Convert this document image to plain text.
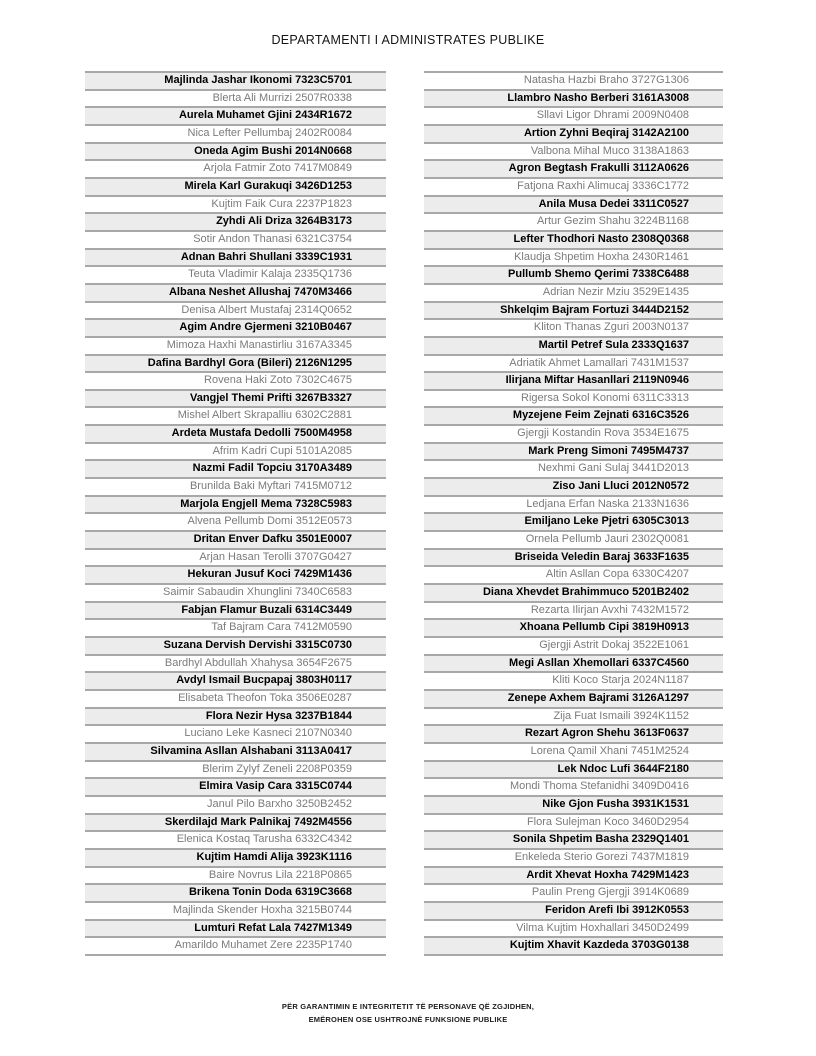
DEPARTAMENTI I ADMINISTRATES PUBLIKE
Majlinda Jashar Ikonomi 7323C5701
Blerta Ali Murrizi 2507R0338
Aurela Muhamet Gjini 2434R1672
Nica Lefter Pellumbaj 2402R0084
Oneda Agim Bushi 2014N0668
Arjola Fatmir Zoto 7417M0849
Mirela Karl Gurakuqi 3426D1253
Kujtim Faik Cura 2237P1823
Zyhdi Ali Driza 3264B3173
Sotir Andon Thanasi 6321C3754
Adnan Bahri Shullani 3339C1931
Teuta Vladimir Kalaja 2335Q1736
Albana Neshet Allushaj 7470M3466
Denisa Albert Mustafaj 2314Q0652
Agim Andre Gjermeni 3210B0467
Mimoza Haxhi Manastirliu 3167A3345
Dafina Bardhyl Gora (Bileri) 2126N1295
Rovena Haki Zoto 7302C4675
Vangjel Themi Prifti 3267B3327
Mishel Albert Skrapalliu 6302C2881
Ardeta Mustafa Dedolli 7500M4958
Afrim Kadri Cupi 5101A2085
Nazmi Fadil Topciu 3170A3489
Brunilda Baki Myftari 7415M0712
Marjola Engjell Mema 7328C5983
Alvena Pellumb Domi 3512E0573
Dritan Enver Dafku 3501E0007
Arjan Hasan Terolli 3707G0427
Hekuran Jusuf Koci 7429M1436
Saimir Sabaudin Xhunglini 7340C6583
Fabjan Flamur Buzali 6314C3449
Taf Bajram Cara 7412M0590
Suzana Dervish Dervishi 3315C0730
Bardhyl Abdullah Xhahysa 3654F2675
Avdyl Ismail Bucpapaj 3803H0117
Elisabeta Theofon Toka 3506E0287
Flora Nezir Hysa 3237B1844
Luciano Leke Kasneci 2107N0340
Silvamina Asllan Alshabani 3113A0417
Blerim Zylyf Zeneli 2208P0359
Elmira Vasip Cara 3315C0744
Janul Pilo Barxho 3250B2452
Skerdilajd Mark Palnikaj 7492M4556
Elenica Kostaq Tarusha 6332C4342
Kujtim Hamdi Alija 3923K1116
Baire Novrus Lila 2218P0865
Brikena Tonin Doda 6319C3668
Majlinda Skender Hoxha 3215B0744
Lumturi Refat Lala 7427M1349
Amarildo Muhamet Zere 2235P1740
Natasha Hazbi Braho 3727G1306
Llambro Nasho Berberi 3161A3008
Sllavi Ligor Dhrami 2009N0408
Artion Zyhni Beqiraj 3142A2100
Valbona Mihal Muco 3138A1863
Agron Begtash Frakulli 3112A0626
Fatjona Raxhi Alimucaj 3336C1772
Anila Musa Dedei 3311C0527
Artur Gezim Shahu 3224B1168
Lefter Thodhori Nasto 2308Q0368
Klaudja Shpetim Hoxha 2430R1461
Pullumb Shemo Qerimi 7338C6488
Adrian Nezir Mziu 3529E1435
Shkelqim Bajram Fortuzi 3444D2152
Kliton Thanas Zguri 2003N0137
Martil Petref Sula 2333Q1637
Adriatik Ahmet Lamallari 7431M1537
Ilirjana Miftar Hasanllari 2119N0946
Rigersa Sokol Konomi 6311C3313
Myzejene Feim Zejnati 6316C3526
Gjergji Kostandin Rova 3534E1675
Mark Preng Simoni 7495M4737
Nexhmi Gani Sulaj 3441D2013
Ziso Jani Lluci 2012N0572
Ledjana Erfan Naska 2133N1636
Emiljano Leke Pjetri 6305C3013
Ornela Pellumb Jauri 2302Q0081
Briseida Veledin Baraj 3633F1635
Altin Asllan Copa 6330C4207
Diana Xhevdet Brahimmuco 5201B2402
Rezarta Ilirjan Avxhi 7432M1572
Xhoana Pellumb Cipi 3819H0913
Gjergji Astrit Dokaj 3522E1061
Megi Asllan Xhemollari 6337C4560
Kliti Koco Starja 2024N1187
Zenepe Axhem Bajrami 3126A1297
Zija Fuat Ismaili 3924K1152
Rezart Agron Shehu 3613F0637
Lorena Qamil Xhani 7451M2524
Lek Ndoc Lufi 3644F2180
Mondi Thoma Stefanidhi 3409D0416
Nike Gjon Fusha 3931K1531
Flora Sulejman Koco 3460D2954
Sonila Shpetim Basha 2329Q1401
Enkeleda Sterio Gorezi 7437M1819
Ardit Xhevat Hoxha 7429M1423
Paulin Preng Gjergji 3914K0689
Feridon Arefi Ibi 3912K0553
Vilma Kujtim Hoxhallari 3450D2499
Kujtim Xhavit Kazdeda 3703G0138
PËR GARANTIMIN E INTEGRITETIT TË PERSONAVE QË ZGJIDHEN,
EMËROHEN OSE USHTROJNË FUNKSIONE PUBLIKE
